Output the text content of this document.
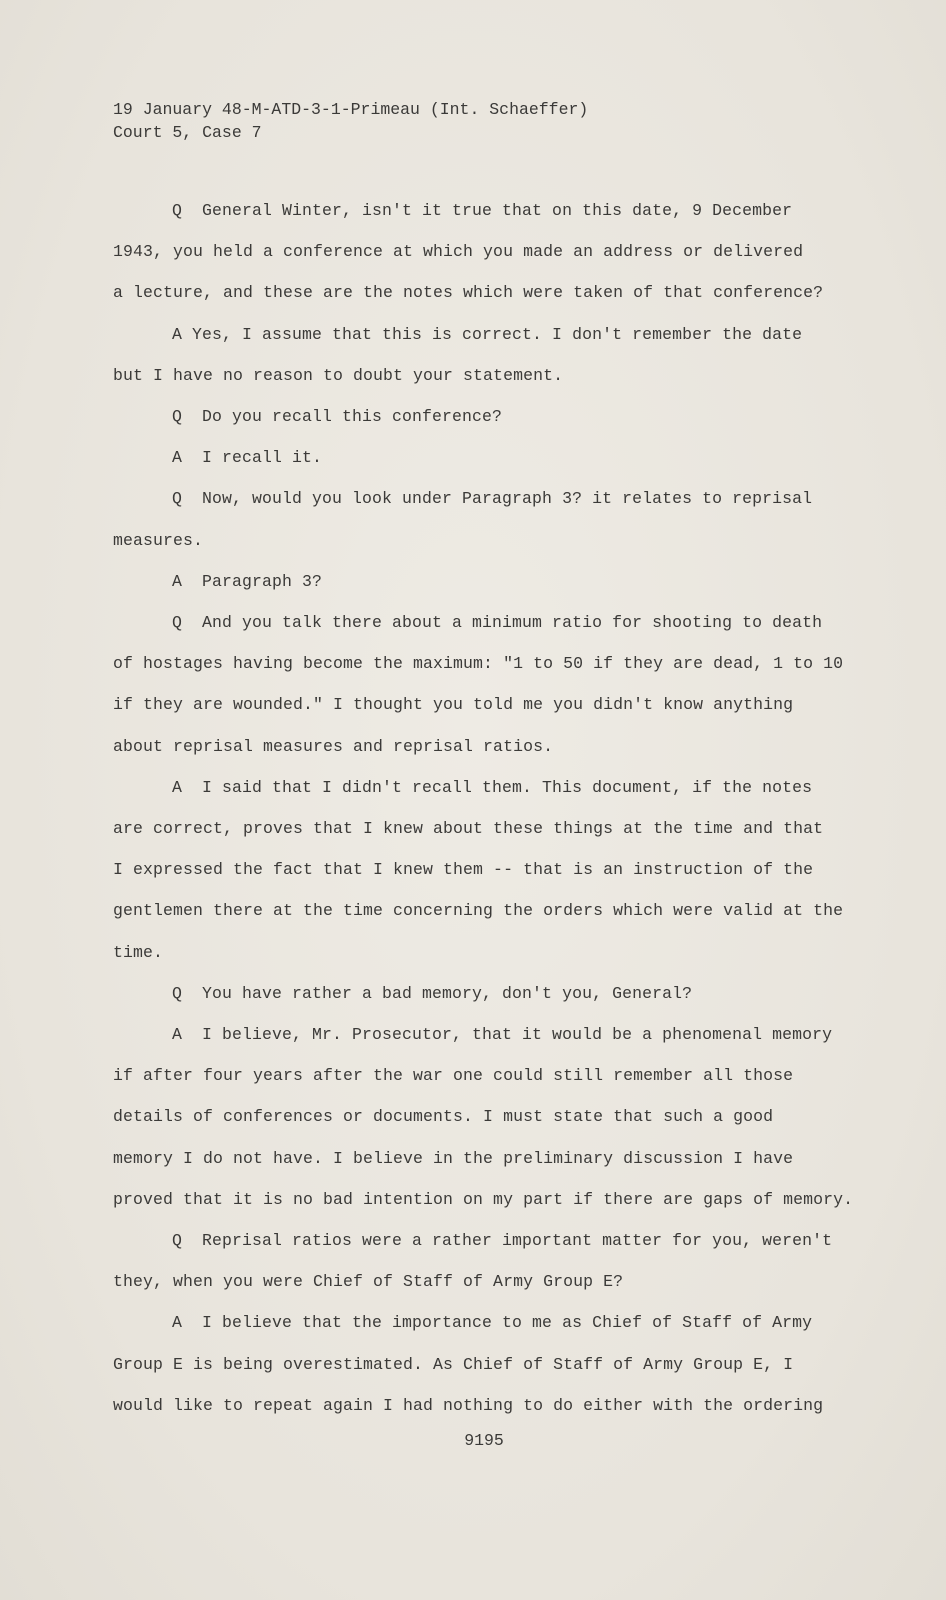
19 January 48-M-ATD-3-1-Primeau (Int. Schaeffer)
Court 5, Case 7
Q  General Winter, isn't it true that on this date, 9 December
1943, you held a conference at which you made an address or delivered
a lecture, and these are the notes which were taken of that conference?
A Yes, I assume that this is correct. I don't remember the date
but I have no reason to doubt your statement.
Q  Do you recall this conference?
A  I recall it.
Q  Now, would you look under Paragraph 3? it relates to reprisal
measures.
A  Paragraph 3?
Q  And you talk there about a minimum ratio for shooting to death
of hostages having become the maximum: "1 to 50 if they are dead, 1 to 10
if they are wounded." I thought you told me you didn't know anything
about reprisal measures and reprisal ratios.
A  I said that I didn't recall them. This document, if the notes
are correct, proves that I knew about these things at the time and that
I expressed the fact that I knew them -- that is an instruction of the
gentlemen there at the time concerning the orders which were valid at the
time.
Q  You have rather a bad memory, don't you, General?
A  I believe, Mr. Prosecutor, that it would be a phenomenal memory
if after four years after the war one could still remember all those
details of conferences or documents. I must state that such a good
memory I do not have. I believe in the preliminary discussion I have
proved that it is no bad intention on my part if there are gaps of memory.
Q  Reprisal ratios were a rather important matter for you, weren't
they, when you were Chief of Staff of Army Group E?
A  I believe that the importance to me as Chief of Staff of Army
Group E is being overestimated. As Chief of Staff of Army Group E, I
would like to repeat again I had nothing to do either with the ordering
9195
